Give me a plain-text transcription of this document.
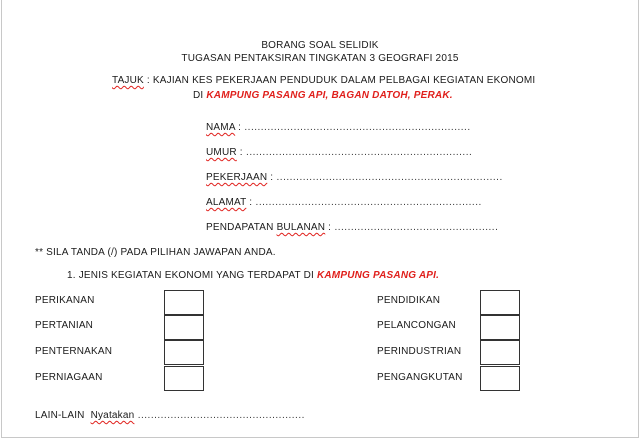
BORANG SOAL SELIDIK
TUGASAN PENTAKSIRAN TINGKATAN 3 GEOGRAFI 2015
TAJUK : KAJIAN KES PEKERJAAN PENDUDUK DALAM PELBAGAI KEGIATAN EKONOMI
DI KAMPUNG PASANG API, BAGAN DATOH, PERAK.
NAMA : .....................................................................
UMUR : .....................................................................
PEKERJAAN : .....................................................................
ALAMAT : .....................................................................
PENDAPATAN BULANAN : ..................................................
** SILA TANDA (/) PADA PILIHAN JAWAPAN ANDA.
1. JENIS KEGIATAN EKONOMI YANG TERDAPAT DI KAMPUNG PASANG API.
PERIKANAN
PERTANIAN
PENTERNAKAN
PERNIAGAAN
PENDIDIKAN
PELANCONGAN
PERINDUSTRIAN
PENGANGKUTAN
LAIN-LAIN Nyatakan ...................................................
